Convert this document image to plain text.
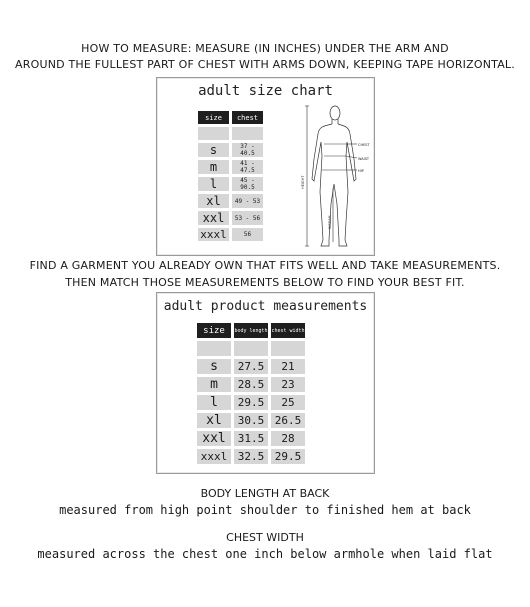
HOW TO MEASURE: MEASURE (IN INCHES) UNDER THE ARM AND
AROUND THE FULLEST PART OF CHEST WITH ARMS DOWN, KEEPING TAPE HORIZONTAL.
adult size chart
size	chest

s	37 - 40.5
m	41 - 47.5
l	45 - 90.5
xl	49 - 53
xxl	53 - 56
xxxl	56
CHEST
WAIST
HIP
HEIGHT
INSEAM
FIND A GARMENT YOU ALREADY OWN THAT FITS WELL AND TAKE MEASUREMENTS.
THEN MATCH THOSE MEASUREMENTS BELOW TO FIND YOUR BEST FIT.
adult product measurements
size	body length	chest width

s	27.5	21
m	28.5	23
l	29.5	25
xl	30.5	26.5
xxl	31.5	28
xxxl	32.5	29.5
BODY LENGTH AT BACK
measured from high point shoulder to finished hem at back
CHEST WIDTH
measured across the chest one inch below armhole when laid flat
